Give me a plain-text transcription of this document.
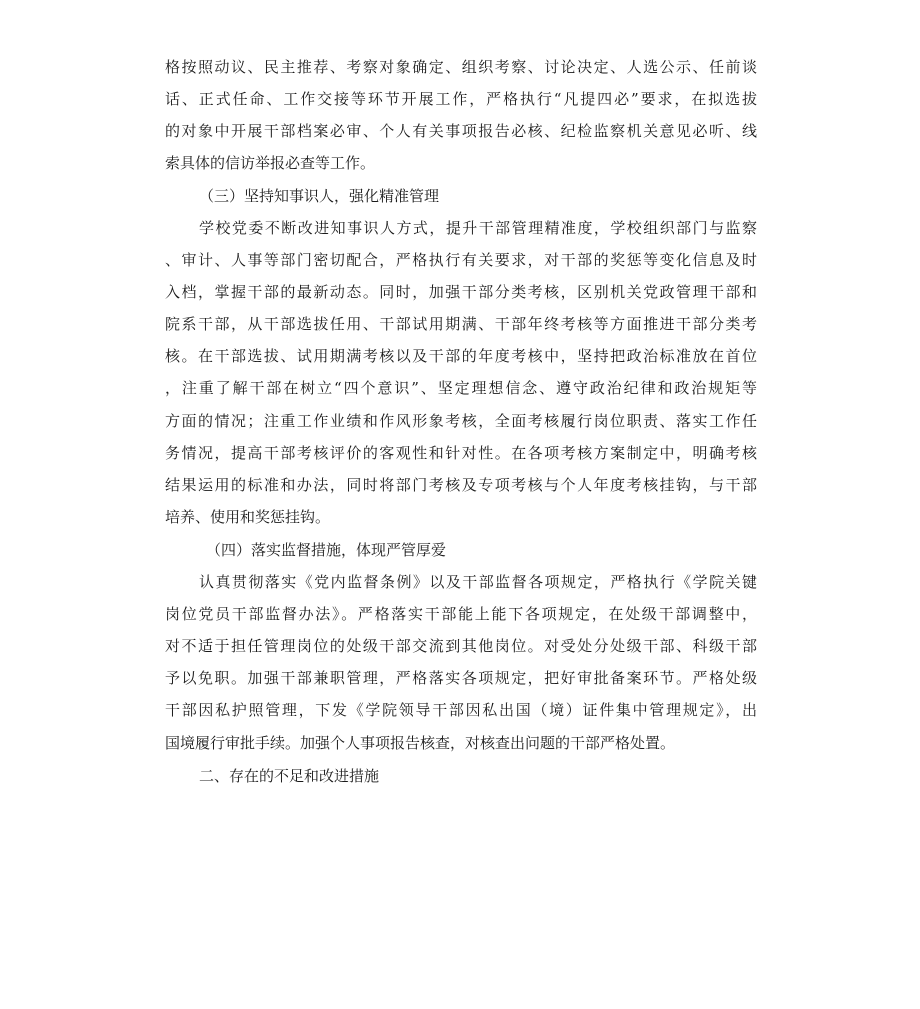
格按照动议、民主推荐、考察对象确定、组织考察、讨论决定、人选公示、任前谈
话、正式任命、工作交接等环节开展工作，严格执行“凡提四必”要求，在拟选拔
的对象中开展干部档案必审、个人有关事项报告必核、纪检监察机关意见必听、线
索具体的信访举报必查等工作。
（三）坚持知事识人，强化精准管理
学校党委不断改进知事识人方式，提升干部管理精准度，学校组织部门与监察
、审计、人事等部门密切配合，严格执行有关要求，对干部的奖惩等变化信息及时
入档，掌握干部的最新动态。同时，加强干部分类考核，区别机关党政管理干部和
院系干部，从干部选拔任用、干部试用期满、干部年终考核等方面推进干部分类考
核。在干部选拔、试用期满考核以及干部的年度考核中，坚持把政治标准放在首位
，注重了解干部在树立“四个意识”、坚定理想信念、遵守政治纪律和政治规矩等
方面的情况；注重工作业绩和作风形象考核，全面考核履行岗位职责、落实工作任
务情况，提高干部考核评价的客观性和针对性。在各项考核方案制定中，明确考核
结果运用的标准和办法，同时将部门考核及专项考核与个人年度考核挂钩，与干部
培养、使用和奖惩挂钩。
（四）落实监督措施，体现严管厚爱
认真贯彻落实《党内监督条例》以及干部监督各项规定，严格执行《学院关键
岗位党员干部监督办法》。严格落实干部能上能下各项规定，在处级干部调整中，
对不适于担任管理岗位的处级干部交流到其他岗位。对受处分处级干部、科级干部
予以免职。加强干部兼职管理，严格落实各项规定，把好审批备案环节。严格处级
干部因私护照管理，下发《学院领导干部因私出国（境）证件集中管理规定》，出
国境履行审批手续。加强个人事项报告核查，对核查出问题的干部严格处置。
二、存在的不足和改进措施
